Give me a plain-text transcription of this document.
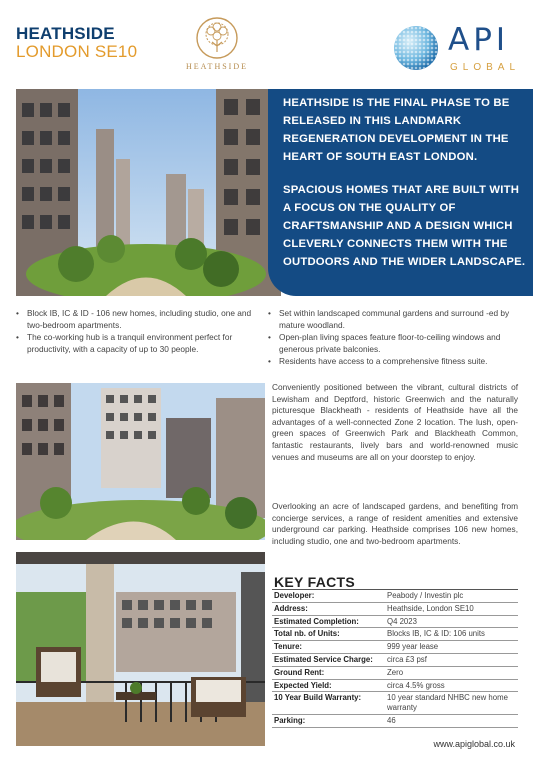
HEATHSIDE
LONDON SE10
HEATHSIDE
API
GLOBAL

HEATHSIDE IS THE FINAL PHASE TO BE RELEASED IN THIS LANDMARK REGENERATION DEVELOPMENT IN THE HEART OF SOUTH EAST LONDON.

SPACIOUS HOMES THAT ARE BUILT WITH A FOCUS ON THE QUALITY OF CRAFTSMANSHIP AND A DESIGN WHICH CLEVERLY CONNECTS THEM WITH THE OUTDOORS AND THE WIDER LANDSCAPE.

• Block IB, IC & ID - 106 new homes, including studio, one and two-bedroom apartments.
• The co-working hub is a tranquil environment perfect for productivity, with a capacity of up to 30 people.
• Set within landscaped communal gardens and surround -ed by mature woodland.
• Open-plan living spaces feature floor-to-ceiling windows and generous private balconies.
• Residents have access to a comprehensive fitness suite.

Conveniently positioned between the vibrant, cultural districts of Lewisham and Deptford, historic Greenwich and the naturally picturesque Blackheath - residents of Heathside have all the advantages of a well-connected Zone 2 location. The lush, open-green spaces of Greenwich Park and Blackheath Common, fantastic restaurants, lively bars and world-renowned music venues and museums are all on your doorstep to enjoy.

Overlooking an acre of landscaped gardens, and benefiting from concierge services, a range of resident amenities and extensive underground car parking. Heathside comprises 106 new homes, including studio, one and two-bedroom apartments.

KEY FACTS
Developer:	Peabody / Investin plc
Address:	Heathside, London SE10
Estimated Completion:	Q4 2023
Total nb. of Units:	Blocks IB, IC & ID: 106 units
Tenure:	999 year lease
Estimated Service Charge:	circa £3 psf
Ground Rent:	Zero
Expected Yield:	circa 4.5% gross
10 Year Build Warranty:	10 year standard NHBC new home warranty
Parking:	46
www.apiglobal.co.uk
